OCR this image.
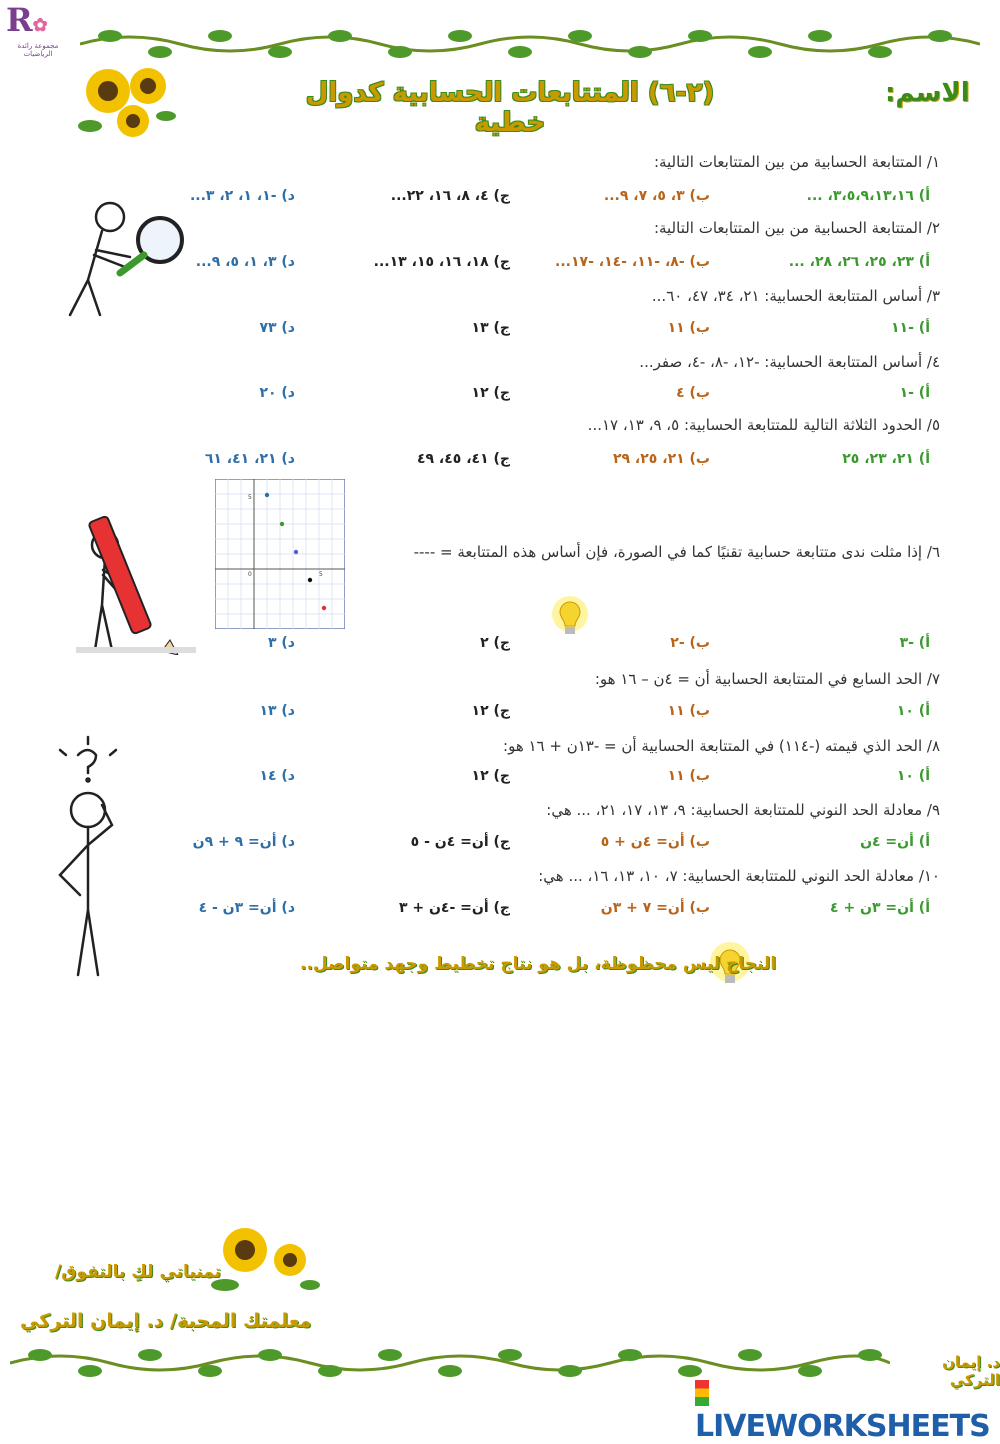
R✿
مجموعة رائدة الرياضيات
الاسم:
(٢-٦) المتتابعات الحسابية كدوال خطية
١/ المتتابعة الحسابية من بين المتتابعات التالية:
أ) ٣،٥،٩،١٣،١٦، ...
ب) ٣، ٥، ٧، ٩...
ج) ٤، ٨، ١٦، ٢٢...
د) -١، ١، ٢، ٣...
٢/ المتتابعة الحسابية من بين المتتابعات التالية:
أ) ٢٣، ٢٥، ٢٦، ٢٨، ...
ب) -٨، -١١، -١٤، -١٧...
ج) ١٨، ١٦، ١٥، ١٣...
د) ٣، ١، ٥، ٩...
٣/ أساس المتتابعة الحسابية: ٢١، ٣٤، ٤٧، ٦٠...
أ) -١١
ب) ١١
ج) ١٣
د) ٧٣
٤/ أساس المتتابعة الحسابية: -١٢، -٨، -٤، صفر...
أ) -١
ب) ٤
ج) ١٢
د) ٢٠
٥/ الحدود الثلاثة التالية للمتتابعة الحسابية: ٥، ٩، ١٣، ١٧...
أ) ٢١، ٢٣، ٢٥
ب) ٢١، ٢٥، ٢٩
ج) ٤١، ٤٥، ٤٩
د) ٢١، ٤١، ٦١
5
0	5
٦/ إذا مثلت ندى متتابعة حسابية تقنيًا كما في الصورة، فإن أساس هذه المتتابعة = ----
أ) -٣
ب) -٢
ج) ٢
د) ٣
٧/ الحد السابع في المتتابعة الحسابية أن = ٤ن – ١٦ هو:
أ) ١٠
ب) ١١
ج) ١٢
د) ١٣
٨/ الحد الذي قيمته (-١١٤) في المتتابعة الحسابية أن = -١٣ن + ١٦ هو:
أ) ١٠
ب) ١١
ج) ١٢
د) ١٤
٩/ معادلة الحد النوني للمتتابعة الحسابية: ٩، ١٣، ١٧، ٢١، ... هي:
أ) أن= ٤ن
ب) أن= ٤ن + ٥
ج) أن= ٤ن - ٥
د) أن= ٩ + ٩ن
١٠/ معادلة الحد النوني للمتتابعة الحسابية: ٧، ١٠، ١٣، ١٦، ... هي:
أ) أن= ٣ن + ٤
ب) أن= ٧ + ٣ن
ج) أن= -٤ن + ٣
د) أن= ٣ن - ٤
النجاح ليس محظوظة، بل هو نتاج تخطيط وجهد متواصل..
تمنياتي لكِ بالتفوق/
معلمتك المحبة/ د. إيمان التركي
د. إيمان التركي
LIVEWORKSHEETS
